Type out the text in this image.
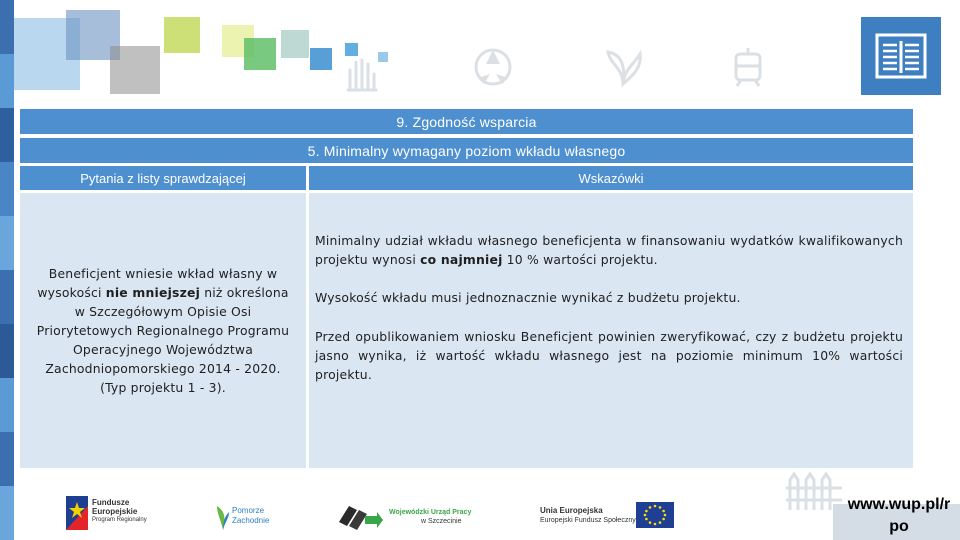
9. Zgodność wsparcia
5. Minimalny wymagany poziom wkładu własnego
Pytania z listy sprawdzającej	Wskazówki
Beneficjent wniesie wkład własny w wysokości nie mniejszej niż określona w Szczegółowym Opisie Osi Priorytetowych Regionalnego Programu Operacyjnego Województwa Zachodniopomorskiego 2014 - 2020. (Typ projektu 1 - 3).

Minimalny udział wkładu własnego beneficjenta w finansowaniu wydatków kwalifikowanych projektu wynosi co najmniej 10 % wartości projektu.

Wysokość wkładu musi jednoznacznie wynikać z budżetu projektu.

Przed opublikowaniem wniosku Beneficjent powinien zweryfikować, czy z budżetu projektu jasno wynika, iż wartość wkładu własnego jest na poziomie minimum 10% wartości projektu.

Fundusze
Europejskie
Program Regionalny
Pomorze
Zachodnie
Wojewódzki Urząd Pracy
w Szczecinie
Unia Europejska
Europejski Fundusz Społeczny
www.wup.pl/r po
